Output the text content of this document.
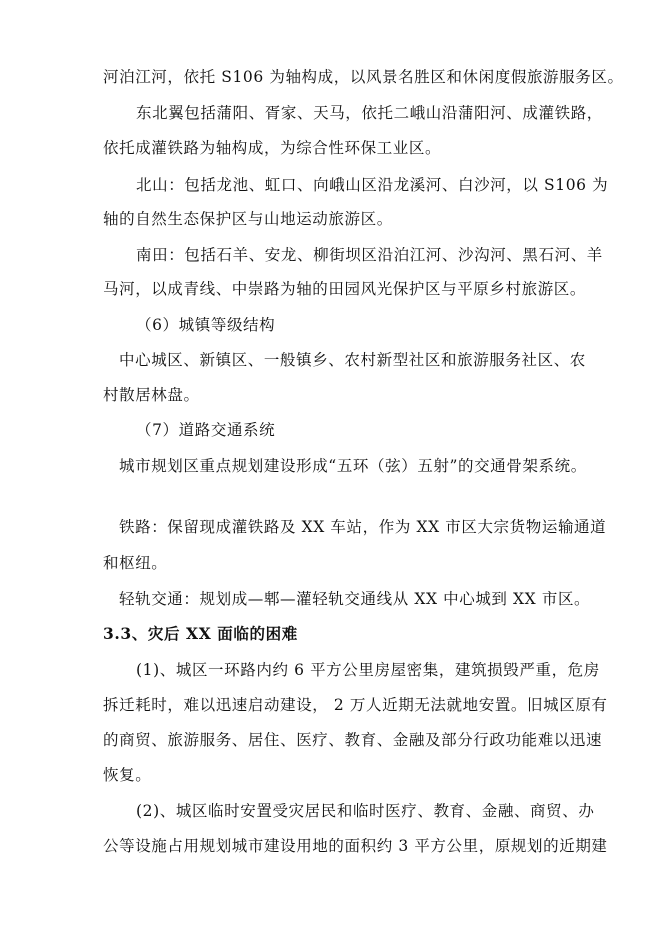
河泊江河，依托 S106 为轴构成，以风景名胜区和休闲度假旅游服务区。
东北翼包括蒲阳、胥家、天马，依托二峨山沿蒲阳河、成灌铁路，
依托成灌铁路为轴构成，为综合性环保工业区。
北山：包括龙池、虹口、向峨山区沿龙溪河、白沙河，以 S106 为
轴的自然生态保护区与山地运动旅游区。
南田：包括石羊、安龙、柳街坝区沿泊江河、沙沟河、黑石河、羊
马河，以成青线、中崇路为轴的田园风光保护区与平原乡村旅游区。
（6）城镇等级结构
中心城区、新镇区、一般镇乡、农村新型社区和旅游服务社区、农
村散居林盘。
（7）道路交通系统
城市规划区重点规划建设形成“五环（弦）五射”的交通骨架系统。
铁路：保留现成灌铁路及 XX 车站，作为 XX 市区大宗货物运输通道
和枢纽。
轻轨交通：规划成—郫—灌轻轨交通线从 XX 中心城到 XX 市区。
3.3、灾后 XX 面临的困难
(1)、城区一环路内约 6 平方公里房屋密集，建筑损毁严重，危房
拆迁耗时，难以迅速启动建设， 2 万人近期无法就地安置。旧城区原有
的商贸、旅游服务、居住、医疗、教育、金融及部分行政功能难以迅速
恢复。
(2)、城区临时安置受灾居民和临时医疗、教育、金融、商贸、办
公等设施占用规划城市建设用地的面积约 3 平方公里，原规划的近期建
